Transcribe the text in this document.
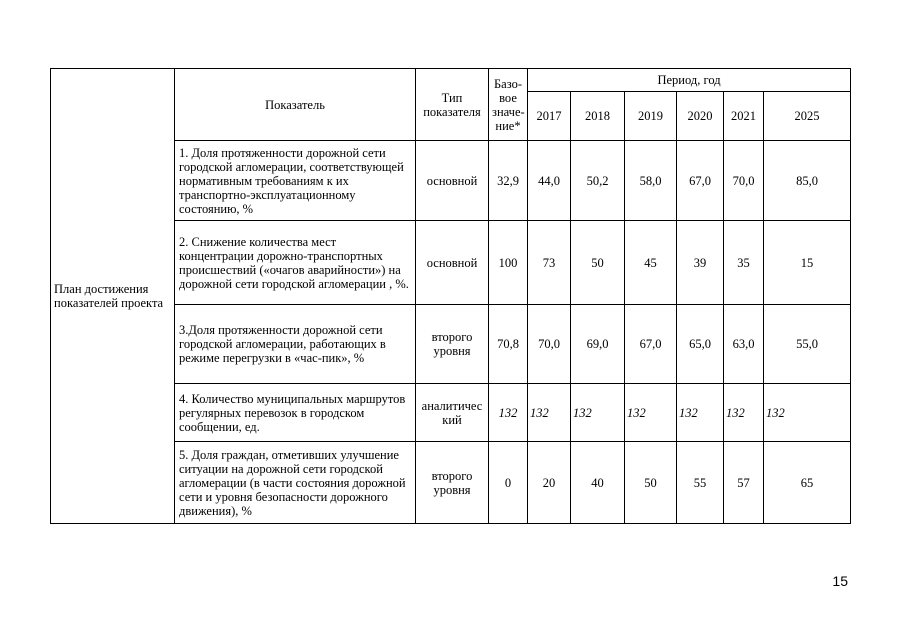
План достижения показателей проекта	Показатель	Тип показателя	Базо-вое значе-ние*	Период, год					
				2017	2018	2019	2020	2021	2025
	1. Доля протяженности дорожной сети городской агломерации, соответствующей нормативным требованиям к их транспортно-эксплуатационному состоянию, %	основной	32,9	44,0	50,2	58,0	67,0	70,0	85,0
	2. Снижение количества мест концентрации дорожно-транспортных происшествий («очагов аварийности») на дорожной сети городской агломерации , %.	основной	100	73	50	45	39	35	15
	3.Доля протяженности дорожной сети городской агломерации, работающих в режиме перегрузки в «час-пик», %	второго уровня	70,8	70,0	69,0	67,0	65,0	63,0	55,0
	4. Количество муниципальных маршрутов регулярных перевозок в городском сообщении, ед.	аналитический	132	132	132	132	132	132	132
	5. Доля граждан, отметивших улучшение ситуации на дорожной сети городской агломерации (в части состояния дорожной сети и уровня безопасности дорожного движения), %	второго уровня	0	20	40	50	55	57	65
15
